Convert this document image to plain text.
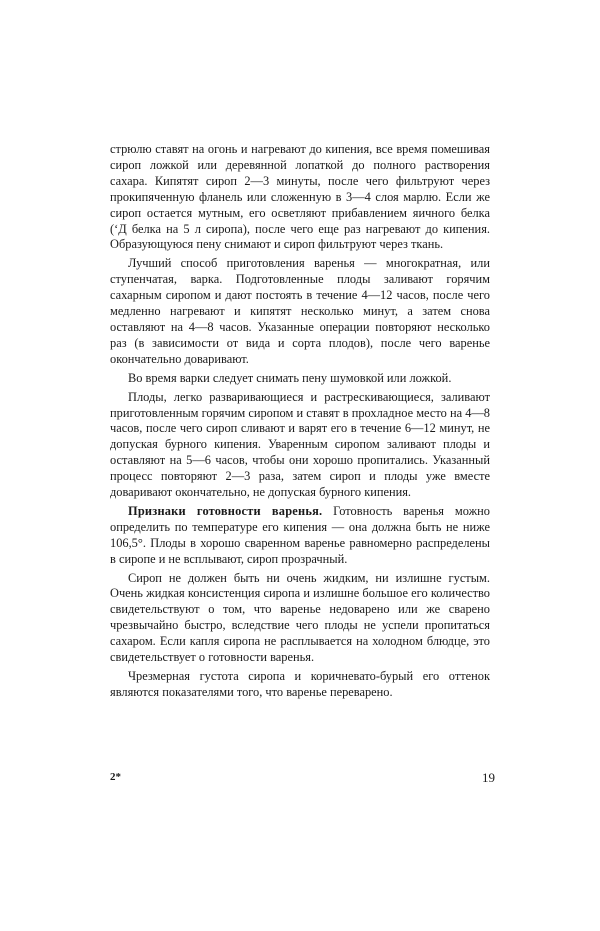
стрюлю ставят на огонь и нагревают до кипения, все время помешивая сироп ложкой или деревянной лопаткой до полного растворения сахара. Кипятят сироп 2—3 минуты, после чего фильтруют через прокипяченную фланель или сложенную в 3—4 слоя марлю. Если же сироп остается мутным, его осветляют прибавлением яичного белка (‘Д белка на 5 л сиропа), после чего еще раз нагревают до кипения. Образующуюся пену снимают и сироп фильтруют через ткань.

Лучший способ приготовления варенья — многократная, или ступенчатая, варка. Подготовленные плоды заливают горячим сахарным сиропом и дают постоять в течение 4—12 часов, после чего медленно нагревают и кипятят несколько минут, а затем снова оставляют на 4—8 часов. Указанные операции повторяют несколько раз (в зависимости от вида и сорта плодов), после чего варенье окончательно доваривают.

Во время варки следует снимать пену шумовкой или ложкой.

Плоды, легко разваривающиеся и растрескивающиеся, заливают приготовленным горячим сиропом и ставят в прохладное место на 4—8 часов, после чего сироп сливают и варят его в течение 6—12 минут, не допуская бурного кипения. Уваренным сиропом заливают плоды и оставляют на 5—6 часов, чтобы они хорошо пропитались. Указанный процесс повторяют 2—3 раза, затем сироп и плоды уже вместе доваривают окончательно, не допуская бурного кипения.

Признаки готовности варенья. Готовность варенья можно определить по температуре его кипения — она должна быть не ниже 106,5°. Плоды в хорошо сваренном варенье равномерно распределены в сиропе и не всплывают, сироп прозрачный.

Сироп не должен быть ни очень жидким, ни излишне густым. Очень жидкая консистенция сиропа и излишне большое его количество свидетельствуют о том, что варенье недоварено или же сварено чрезвычайно быстро, вследствие чего плоды не успели пропитаться сахаром. Если капля сиропа не расплывается на холодном блюдце, это свидетельствует о готовности варенья.

Чрезмерная густота сиропа и коричневато-бурый его оттенок являются показателями того, что варенье переварено.

2*	19
